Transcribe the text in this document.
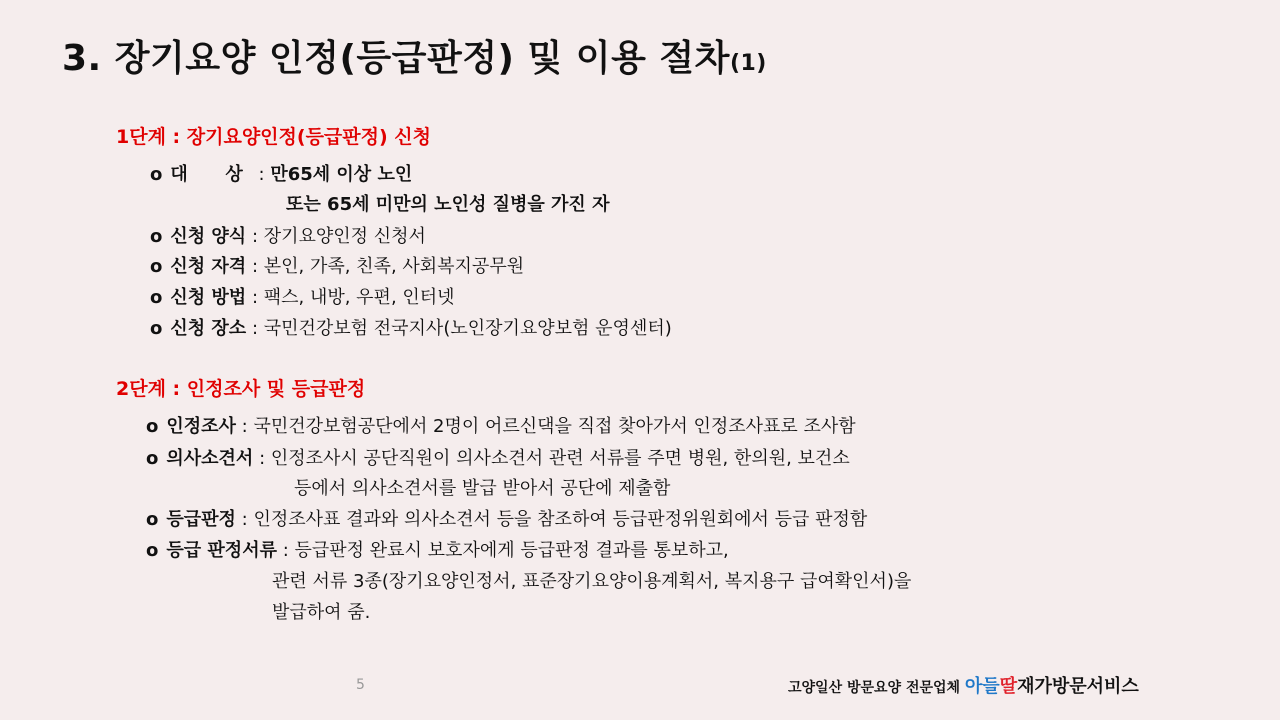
3. 장기요양 인정(등급판정) 및 이용 절차(1)
1단계 : 장기요양인정(등급판정) 신청
o 대      상 : 만65세 이상 노인
또는 65세 미만의 노인성 질병을 가진 자
o 신청 양식 : 장기요양인정 신청서
o 신청 자격 : 본인, 가족, 친족, 사회복지공무원
o 신청 방법 : 팩스, 내방, 우편, 인터넷
o 신청 장소 : 국민건강보험 전국지사(노인장기요양보험 운영센터)
2단계 : 인정조사 및 등급판정
o 인정조사 : 국민건강보험공단에서 2명이 어르신댁을 직접 찾아가서 인정조사표로 조사함
o 의사소견서 : 인정조사시 공단직원이 의사소견서 관련 서류를 주면 병원, 한의원, 보건소
등에서 의사소견서를 발급 받아서 공단에 제출함
o 등급판정 : 인정조사표 결과와 의사소견서 등을 참조하여 등급판정위원회에서 등급 판정함
o 등급 판정서류 : 등급판정 완료시 보호자에게 등급판정 결과를 통보하고,
관련 서류 3종(장기요양인정서, 표준장기요양이용계획서, 복지용구 급여확인서)을
발급하여 줌.
5	고양일산 방문요양 전문업체 아들딸재가방문서비스
